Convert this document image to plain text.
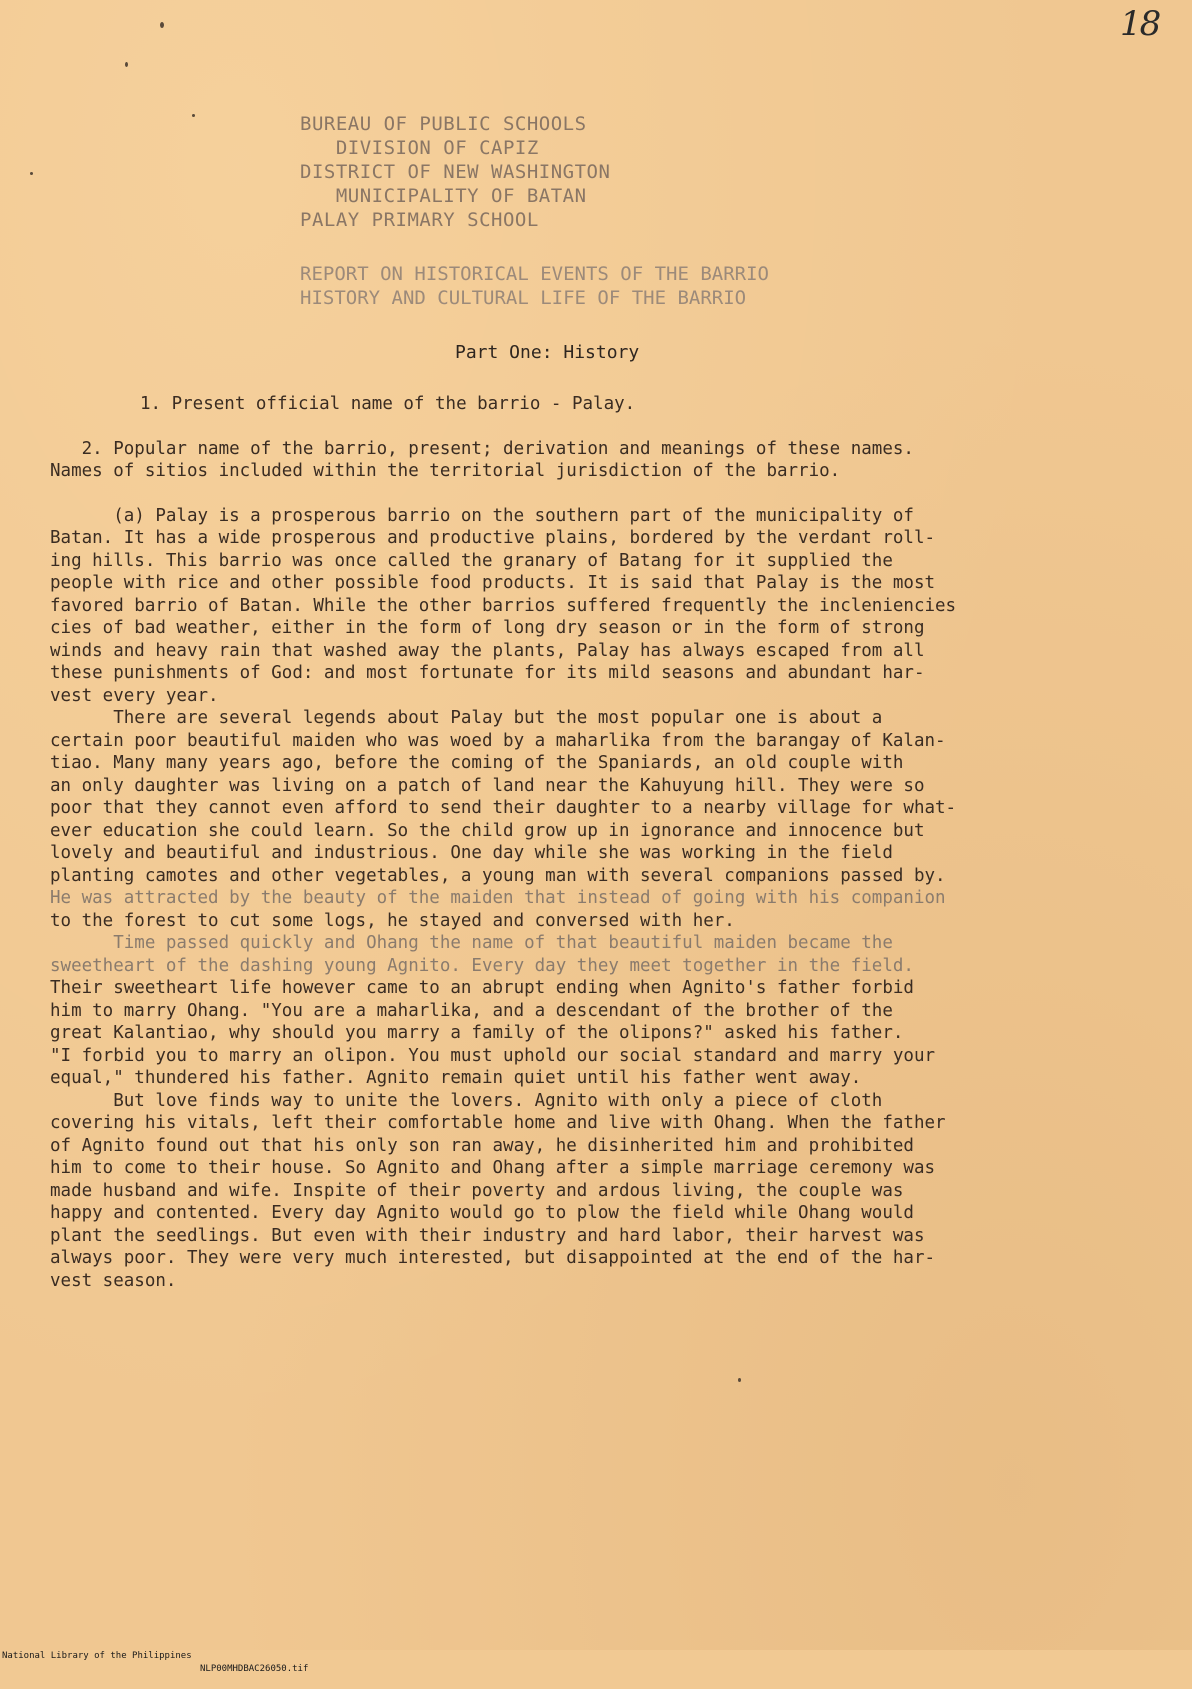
18
BUREAU OF PUBLIC SCHOOLS
DIVISION OF CAPIZ
DISTRICT OF NEW WASHINGTON
MUNICIPALITY OF BATAN
PALAY PRIMARY SCHOOL
REPORT ON HISTORICAL EVENTS OF THE BARRIO
HISTORY AND CULTURAL LIFE OF THE BARRIO
Part One: History
1. Present official name of the barrio - Palay.
2. Popular name of the barrio, present; derivation and meanings of these names.
Names of sitios included within the territorial jurisdiction of the barrio.
(a) Palay is a prosperous barrio on the southern part of the municipality of
Batan. It has a wide prosperous and productive plains, bordered by the verdant roll-
ing hills. This barrio was once called the granary of Batang for it supplied the
people with rice and other possible food products. It is said that Palay is the most
favored barrio of Batan. While the other barrios suffered frequently the incleniencies
cies of bad weather, either in the form of long dry season or in the form of strong
winds and heavy rain that washed away the plants, Palay has always escaped from all
these punishments of God: and most fortunate for its mild seasons and abundant har-
vest every year.
There are several legends about Palay but the most popular one is about a
certain poor beautiful maiden who was woed by a maharlika from the barangay of Kalan-
tiao. Many many years ago, before the coming of the Spaniards, an old couple with
an only daughter was living on a patch of land near the Kahuyung hill. They were so
poor that they cannot even afford to send their daughter to a nearby village for what-
ever education she could learn. So the child grow up in ignorance and innocence but
lovely and beautiful and industrious. One day while she was working in the field
planting camotes and other vegetables, a young man with several companions passed by.
He was attracted by the beauty of the maiden that instead of going with his companion
to the forest to cut some logs, he stayed and conversed with her.
Time passed quickly and Ohang the name of that beautiful maiden became the
sweetheart of the dashing young Agnito. Every day they meet together in the field.
Their sweetheart life however came to an abrupt ending when Agnito's father forbid
him to marry Ohang. "You are a maharlika, and a descendant of the brother of the
great Kalantiao, why should you marry a family of the olipons?" asked his father.
"I forbid you to marry an olipon. You must uphold our social standard and marry your
equal," thundered his father. Agnito remain quiet until his father went away.
But love finds way to unite the lovers. Agnito with only a piece of cloth
covering his vitals, left their comfortable home and live with Ohang. When the father
of Agnito found out that his only son ran away, he disinherited him and prohibited
him to come to their house. So Agnito and Ohang after a simple marriage ceremony was
made husband and wife. Inspite of their poverty and ardous living, the couple was
happy and contented. Every day Agnito would go to plow the field while Ohang would
plant the seedlings. But even with their industry and hard labor, their harvest was
always poor. They were very much interested, but disappointed at the end of the har-
vest season.

National Library of the Philippines

NLP00MHDBAC26050.tif
